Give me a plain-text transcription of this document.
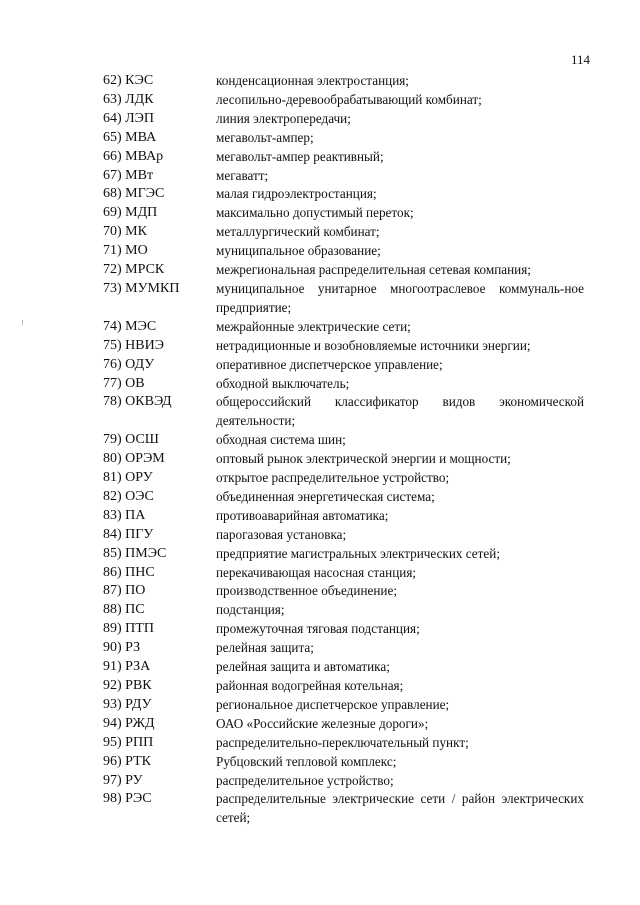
114
62) КЭС	конденсационная электростанция;
63) ЛДК	лесопильно-деревообрабатывающий комбинат;
64) ЛЭП	линия электропередачи;
65) МВА	мегавольт-ампер;
66) МВАр	мегавольт-ампер реактивный;
67) МВт	мегаватт;
68) МГЭС	малая гидроэлектростанция;
69) МДП	максимально допустимый переток;
70) МК	металлургический комбинат;
71) МО	муниципальное образование;
72) МРСК	межрегиональная распределительная сетевая компания;
73) МУМКП	муниципальное унитарное многоотраслевое коммуналь-ное предприятие;
74) МЭС	межрайонные электрические сети;
75) НВИЭ	нетрадиционные и возобновляемые источники энергии;
76) ОДУ	оперативное диспетчерское управление;
77) ОВ	обходной выключатель;
78) ОКВЭД	общероссийский классификатор видов экономической деятельности;
79) ОСШ	обходная система шин;
80) ОРЭМ	оптовый рынок электрической энергии и мощности;
81) ОРУ	открытое распределительное устройство;
82) ОЭС	объединенная энергетическая система;
83) ПА	противоаварийная автоматика;
84) ПГУ	парогазовая установка;
85) ПМЭС	предприятие магистральных электрических сетей;
86) ПНС	перекачивающая насосная станция;
87) ПО	производственное объединение;
88) ПС	подстанция;
89) ПТП	промежуточная тяговая подстанция;
90) РЗ	релейная защита;
91) РЗА	релейная защита и автоматика;
92) РВК	районная водогрейная котельная;
93) РДУ	региональное диспетчерское управление;
94) РЖД	ОАО «Российские железные дороги»;
95) РПП	распределительно-переключательный пункт;
96) РТК	Рубцовский тепловой комплекс;
97) РУ	распределительное устройство;
98) РЭС	распределительные электрические сети / район электрических сетей;
